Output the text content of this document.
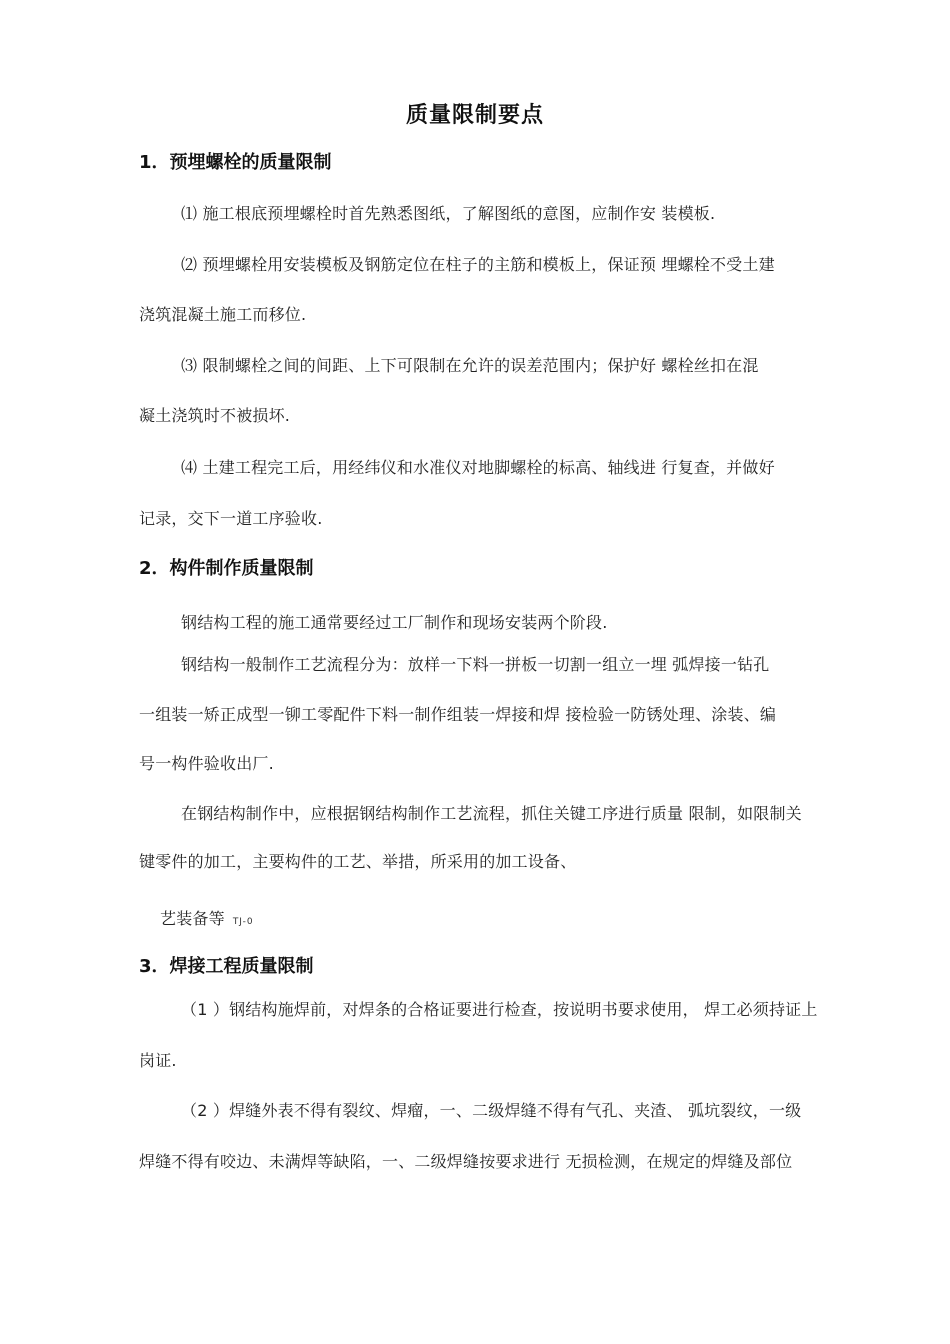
质量限制要点
1．预埋螺栓的质量限制
⑴ 施工根底预埋螺栓时首先熟悉图纸，了解图纸的意图，应制作安 装模板.
⑵ 预埋螺栓用安装模板及钢筋定位在柱子的主筋和模板上，保证预 埋螺栓不受土建
浇筑混凝土施工而移位.
⑶ 限制螺栓之间的间距、上下可限制在允许的误差范围内；保护好 螺栓丝扣在混
凝土浇筑时不被损坏.
⑷ 土建工程完工后，用经纬仪和水准仪对地脚螺栓的标高、轴线进 行复查，并做好
记录，交下一道工序验收.
2．构件制作质量限制
钢结构工程的施工通常要经过工厂制作和现场安装两个阶段.
钢结构一般制作工艺流程分为：放样一下料一拼板一切割一组立一埋 弧焊接一钻孔
一组装一矫正成型一铆工零配件下料一制作组装一焊接和焊 接检验一防锈处理、涂装、编
号一构件验收出厂.
在钢结构制作中，应根据钢结构制作工艺流程，抓住关键工序进行质量 限制，如限制关
键零件的加工，主要构件的工艺、举措，所采用的加工设备、
艺装备等 TJ-0
3．焊接工程质量限制
（1 ）钢结构施焊前，对焊条的合格证要进行检查，按说明书要求使用， 焊工必须持证上
岗证.
（2 ）焊缝外表不得有裂纹、焊瘤，一、二级焊缝不得有气孔、夹渣、 弧坑裂纹，一级
焊缝不得有咬边、未满焊等缺陷，一、二级焊缝按要求进行 无损检测，在规定的焊缝及部位
